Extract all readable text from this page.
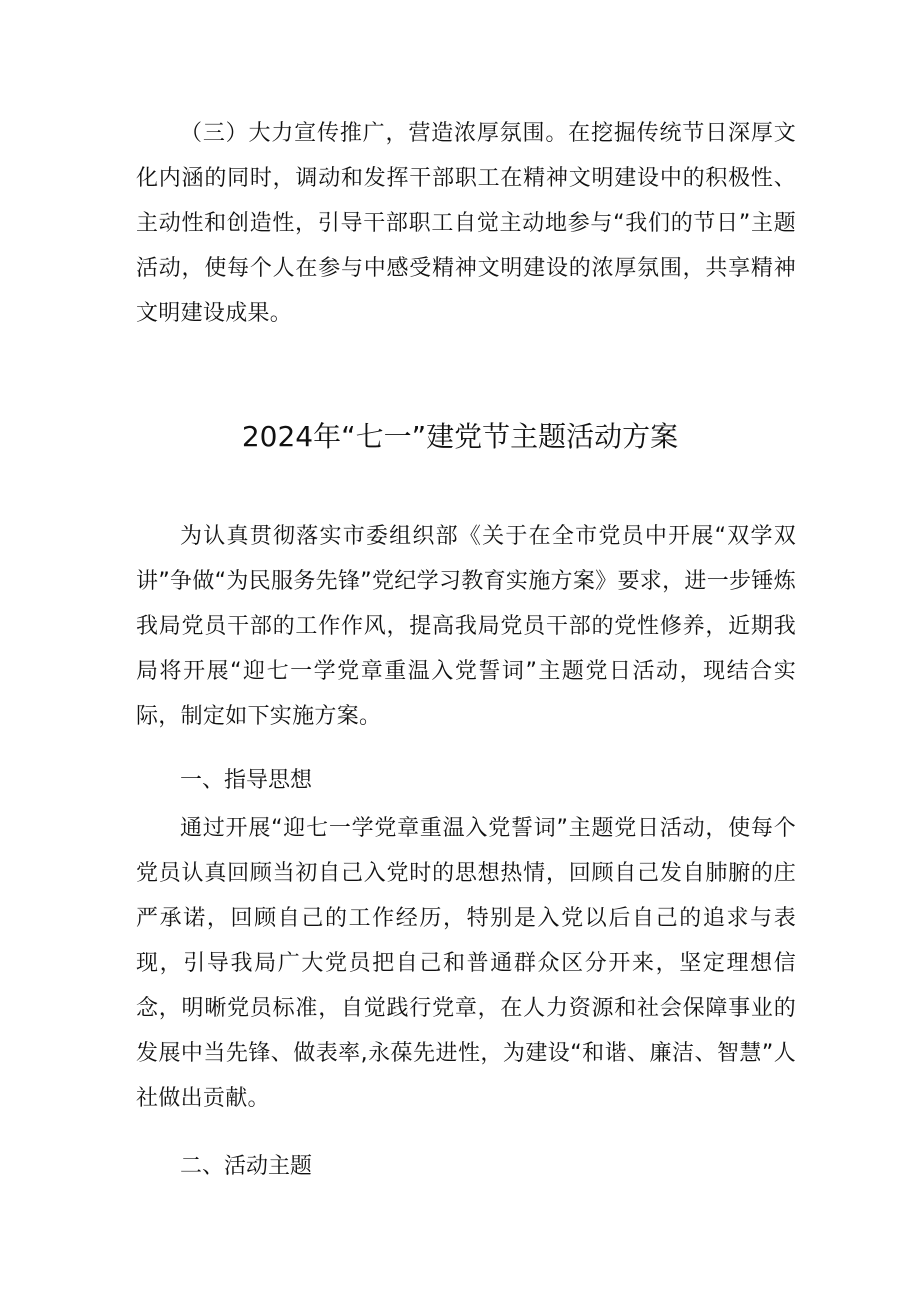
（三）大力宣传推广，营造浓厚氛围。在挖掘传统节日深厚文化内涵的同时，调动和发挥干部职工在精神文明建设中的积极性、主动性和创造性，引导干部职工自觉主动地参与“我们的节日”主题活动，使每个人在参与中感受精神文明建设的浓厚氛围，共享精神文明建设成果。

2024年“七一”建党节主题活动方案

为认真贯彻落实市委组织部《关于在全市党员中开展“双学双讲”争做“为民服务先锋”党纪学习教育实施方案》要求，进一步锤炼我局党员干部的工作作风，提高我局党员干部的党性修养，近期我局将开展“迎七一学党章重温入党誓词”主题党日活动，现结合实际，制定如下实施方案。

一、指导思想

通过开展“迎七一学党章重温入党誓词”主题党日活动，使每个党员认真回顾当初自己入党时的思想热情，回顾自己发自肺腑的庄严承诺，回顾自己的工作经历，特别是入党以后自己的追求与表现，引导我局广大党员把自己和普通群众区分开来，坚定理想信念，明晰党员标准，自觉践行党章，在人力资源和社会保障事业的发展中当先锋、做表率,永葆先进性，为建设“和谐、廉洁、智慧”人社做出贡献。

二、活动主题
